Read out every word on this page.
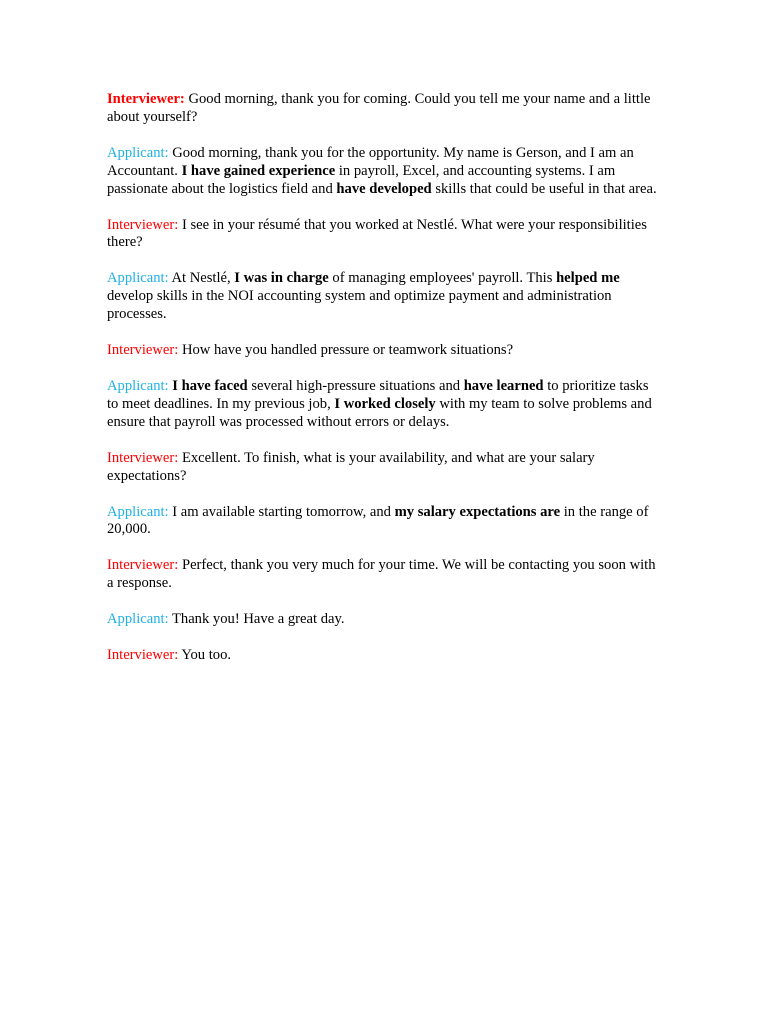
Interviewer: Good morning, thank you for coming. Could you tell me your name and a little about yourself?

Applicant: Good morning, thank you for the opportunity. My name is Gerson, and I am an Accountant. I have gained experience in payroll, Excel, and accounting systems. I am passionate about the logistics field and have developed skills that could be useful in that area.

Interviewer: I see in your résumé that you worked at Nestlé. What were your responsibilities there?

Applicant: At Nestlé, I was in charge of managing employees' payroll. This helped me develop skills in the NOI accounting system and optimize payment and administration processes.

Interviewer: How have you handled pressure or teamwork situations?

Applicant: I have faced several high-pressure situations and have learned to prioritize tasks to meet deadlines. In my previous job, I worked closely with my team to solve problems and ensure that payroll was processed without errors or delays.

Interviewer: Excellent. To finish, what is your availability, and what are your salary expectations?

Applicant: I am available starting tomorrow, and my salary expectations are in the range of 20,000.

Interviewer: Perfect, thank you very much for your time. We will be contacting you soon with a response.

Applicant: Thank you! Have a great day.

Interviewer: You too.
